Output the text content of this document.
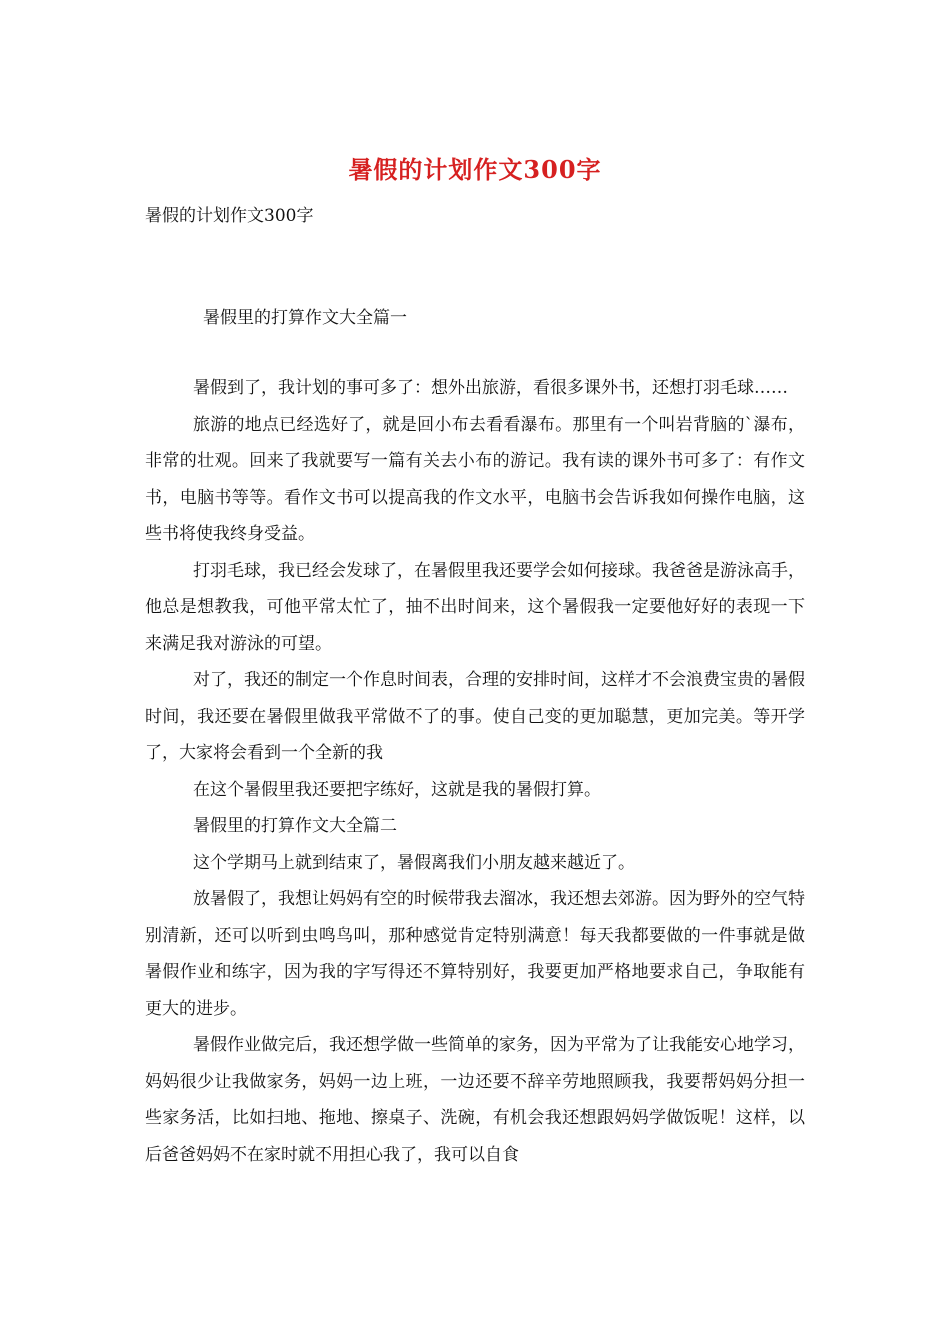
暑假的计划作文300字
暑假的计划作文300字
暑假里的打算作文大全篇一

暑假到了，我计划的事可多了：想外出旅游，看很多课外书，还想打羽毛球……

旅游的地点已经选好了，就是回小布去看看瀑布。那里有一个叫岩背脑的`瀑布，非常的壮观。回来了我就要写一篇有关去小布的游记。我有读的课外书可多了：有作文书，电脑书等等。看作文书可以提高我的作文水平，电脑书会告诉我如何操作电脑，这些书将使我终身受益。

打羽毛球，我已经会发球了，在暑假里我还要学会如何接球。我爸爸是游泳高手，他总是想教我，可他平常太忙了，抽不出时间来，这个暑假我一定要他好好的表现一下来满足我对游泳的可望。

对了，我还的制定一个作息时间表，合理的安排时间，这样才不会浪费宝贵的暑假时间，我还要在暑假里做我平常做不了的事。使自己变的更加聪慧，更加完美。等开学了，大家将会看到一个全新的我

在这个暑假里我还要把字练好，这就是我的暑假打算。

暑假里的打算作文大全篇二

这个学期马上就到结束了，暑假离我们小朋友越来越近了。

放暑假了，我想让妈妈有空的时候带我去溜冰，我还想去郊游。因为野外的空气特别清新，还可以听到虫鸣鸟叫，那种感觉肯定特别满意！每天我都要做的一件事就是做暑假作业和练字，因为我的字写得还不算特别好，我要更加严格地要求自己，争取能有更大的进步。

暑假作业做完后，我还想学做一些简单的家务，因为平常为了让我能安心地学习，妈妈很少让我做家务，妈妈一边上班，一边还要不辞辛劳地照顾我，我要帮妈妈分担一些家务活，比如扫地、拖地、擦桌子、洗碗，有机会我还想跟妈妈学做饭呢！这样，以后爸爸妈妈不在家时就不用担心我了，我可以自食
